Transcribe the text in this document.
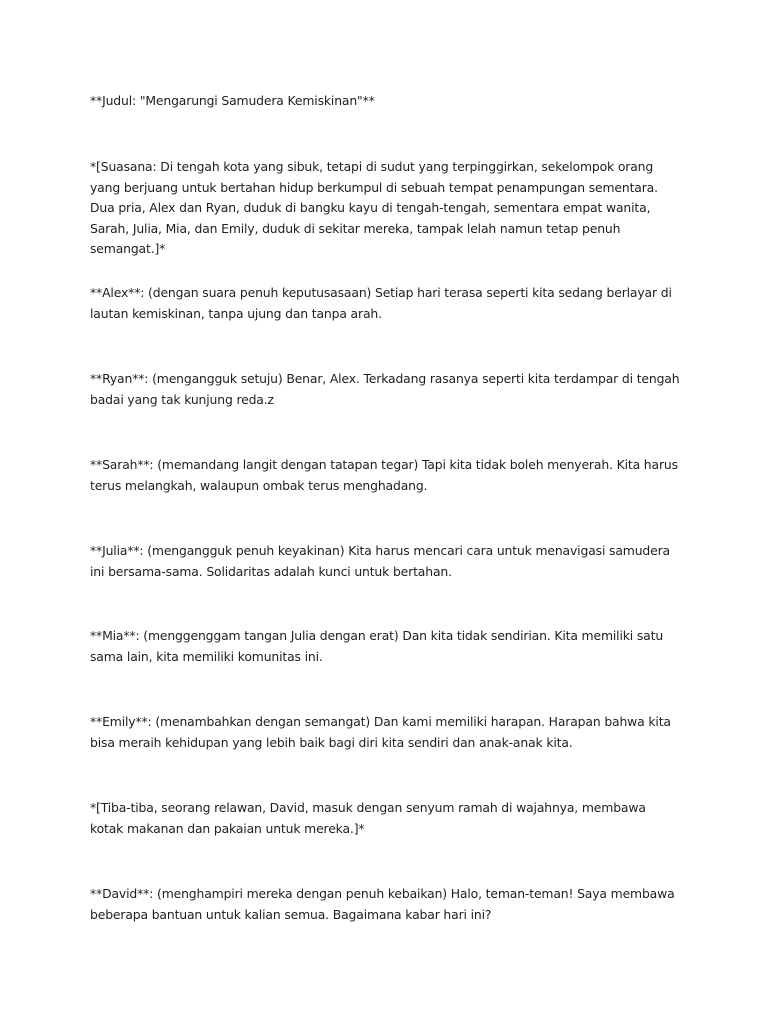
**Judul: "Mengarungi Samudera Kemiskinan"**

*[Suasana: Di tengah kota yang sibuk, tetapi di sudut yang terpinggirkan, sekelompok orang yang berjuang untuk bertahan hidup berkumpul di sebuah tempat penampungan sementara. Dua pria, Alex dan Ryan, duduk di bangku kayu di tengah-tengah, sementara empat wanita, Sarah, Julia, Mia, dan Emily, duduk di sekitar mereka, tampak lelah namun tetap penuh semangat.]*

**Alex**: (dengan suara penuh keputusasaan) Setiap hari terasa seperti kita sedang berlayar di lautan kemiskinan, tanpa ujung dan tanpa arah.

**Ryan**: (mengangguk setuju) Benar, Alex. Terkadang rasanya seperti kita terdampar di tengah badai yang tak kunjung reda.z

**Sarah**: (memandang langit dengan tatapan tegar) Tapi kita tidak boleh menyerah. Kita harus terus melangkah, walaupun ombak terus menghadang.

**Julia**: (mengangguk penuh keyakinan) Kita harus mencari cara untuk menavigasi samudera ini bersama-sama. Solidaritas adalah kunci untuk bertahan.

**Mia**: (menggenggam tangan Julia dengan erat) Dan kita tidak sendirian. Kita memiliki satu sama lain, kita memiliki komunitas ini.

**Emily**: (menambahkan dengan semangat) Dan kami memiliki harapan. Harapan bahwa kita bisa meraih kehidupan yang lebih baik bagi diri kita sendiri dan anak-anak kita.

*[Tiba-tiba, seorang relawan, David, masuk dengan senyum ramah di wajahnya, membawa kotak makanan dan pakaian untuk mereka.]*

**David**: (menghampiri mereka dengan penuh kebaikan) Halo, teman-teman! Saya membawa beberapa bantuan untuk kalian semua. Bagaimana kabar hari ini?
